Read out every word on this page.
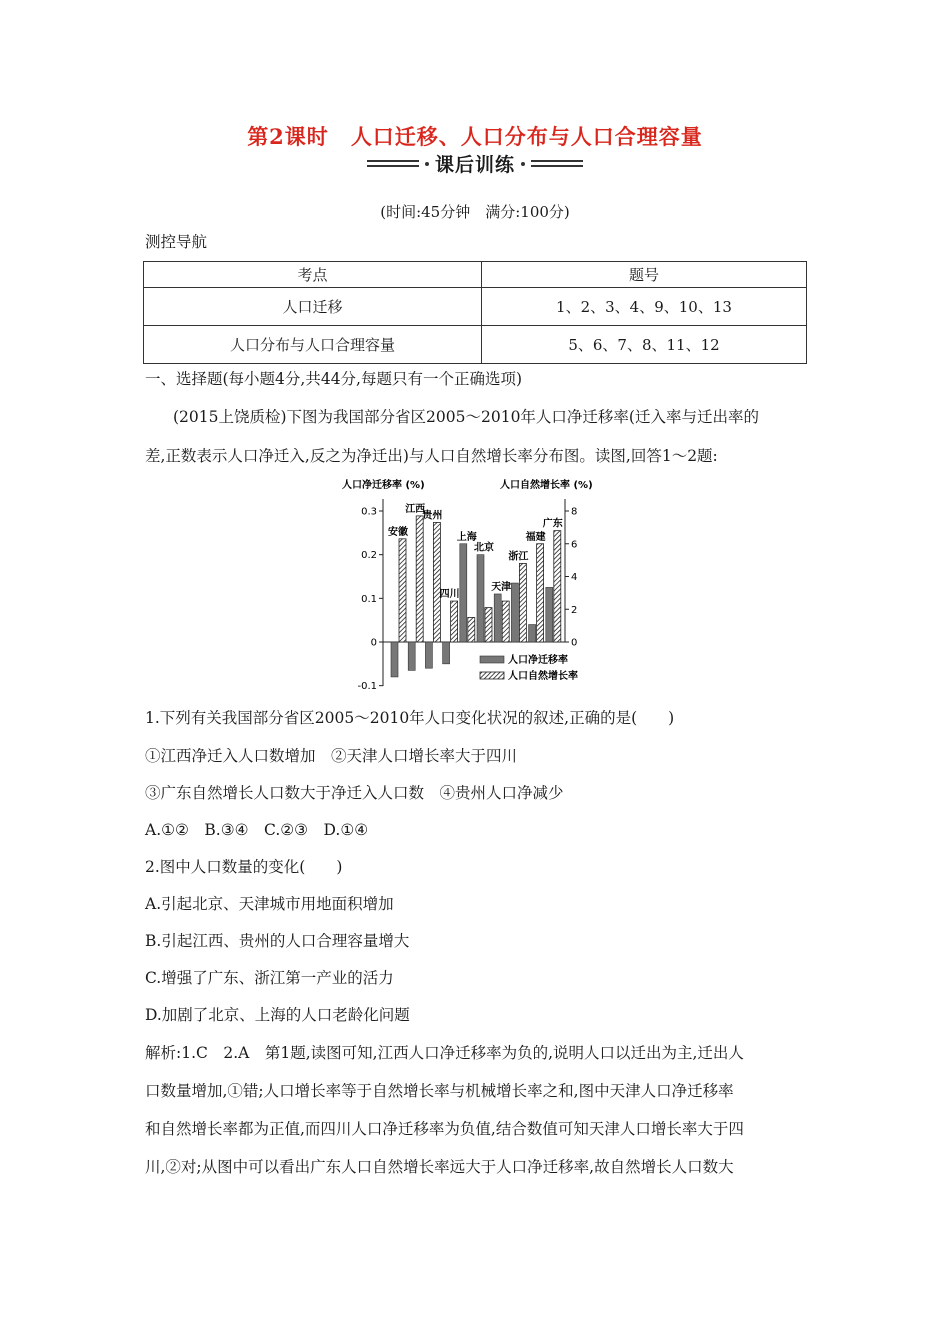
第2课时 人口迁移、人口分布与人口合理容量
课后训练
(时间:45分钟　满分:100分)
测控导航
考点	题号
人口迁移	1、2、3、4、9、10、13
人口分布与人口合理容量	5、6、7、8、11、12
一、选择题(每小题4分,共44分,每题只有一个正确选项)
(2015上饶质检)下图为我国部分省区2005～2010年人口净迁移率(迁入率与迁出率的
差,正数表示人口净迁入,反之为净迁出)与人口自然增长率分布图。读图,回答1～2题:
人口净迁移率 (%)	人口自然增长率 (%)
0.3
0.2
0.1
0
-0.1
8
6
4
2
0
安徽
江西
贵州
四川
上海
北京
天津
浙江
福建
广东
人口净迁移率
人口自然增长率
1.下列有关我国部分省区2005～2010年人口变化状况的叙述,正确的是(　　)
①江西净迁入人口数增加　②天津人口增长率大于四川
③广东自然增长人口数大于净迁入人口数　④贵州人口净减少
A.①②　B.③④　C.②③　D.①④
2.图中人口数量的变化(　　)
A.引起北京、天津城市用地面积增加
B.引起江西、贵州的人口合理容量增大
C.增强了广东、浙江第一产业的活力
D.加剧了北京、上海的人口老龄化问题
解析:1.C　2.A　第1题,读图可知,江西人口净迁移率为负的,说明人口以迁出为主,迁出人
口数量增加,①错;人口增长率等于自然增长率与机械增长率之和,图中天津人口净迁移率
和自然增长率都为正值,而四川人口净迁移率为负值,结合数值可知天津人口增长率大于四
川,②对;从图中可以看出广东人口自然增长率远大于人口净迁移率,故自然增长人口数大
